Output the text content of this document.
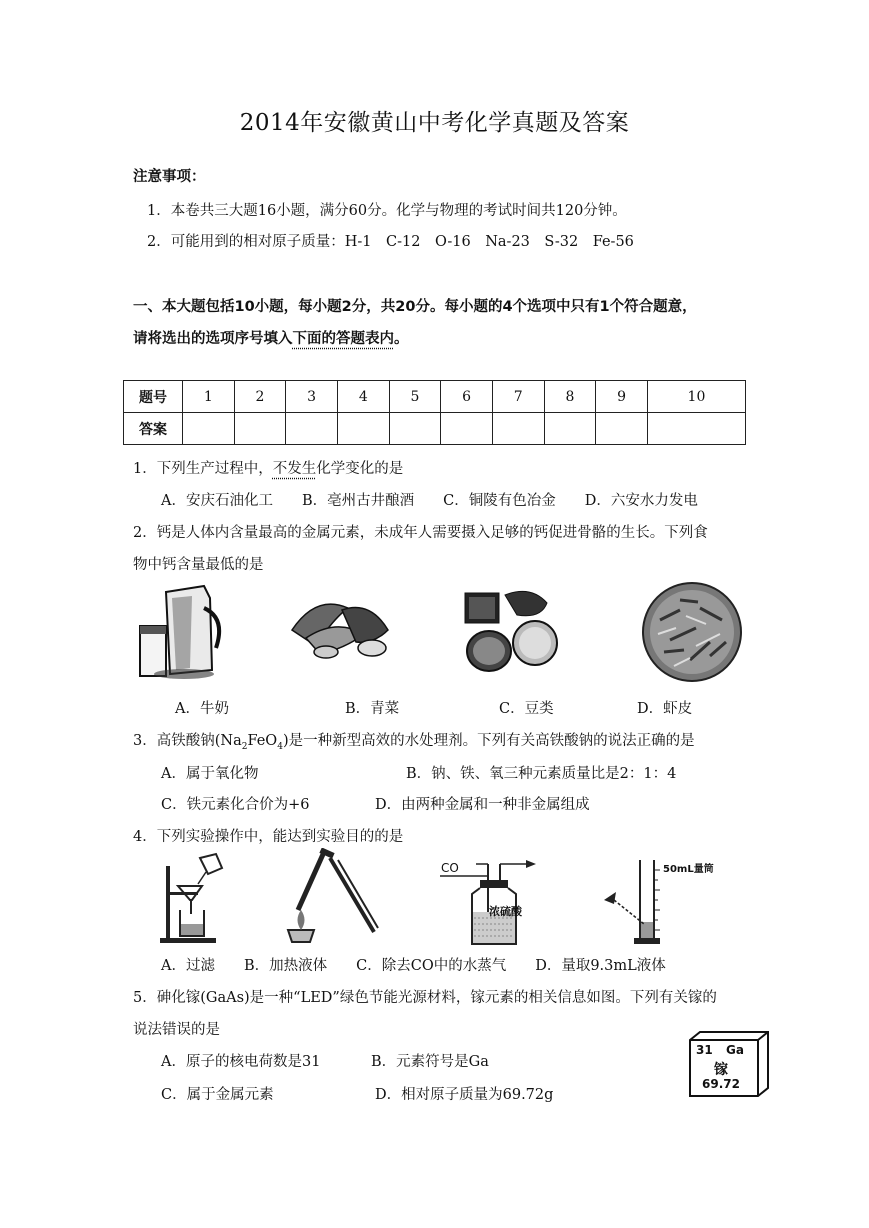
2014年安徽黄山中考化学真题及答案
注意事项：
1．本卷共三大题16小题，满分60分。化学与物理的考试时间共120分钟。
2．可能用到的相对原子质量：H-1　C-12　O-16　Na-23　S-32　Fe-56
一、本大题包括10小题，每小题2分，共20分。每小题的4个选项中只有1个符合题意，
请将选出的选项序号填入下面的答题表内。
题号	1	2	3	4	5	6	7	8	9	10
答案										
1．下列生产过程中，不发生化学变化的是
A．安庆石油化工　　B．亳州古井酿酒　　C．铜陵有色冶金　　D．六安水力发电
2．钙是人体内含量最高的金属元素，未成年人需要摄入足够的钙促进骨骼的生长。下列食
物中钙含量最低的是
A．牛奶	B．青菜	C．豆类	D．虾皮
3．高铁酸钠$(Na_2FeO_4)$是一种新型高效的水处理剂。下列有关高铁酸钠的说法正确的是
A．属于氧化物	B．钠、铁、氧三种元素质量比是2：1：4
C．铁元素化合价为+6	D．由两种金属和一种非金属组成
4．下列实验操作中，能达到实验目的的是
CO
浓硫酸
50mL量筒
A．过滤　　B．加热液体　　C．除去CO中的水蒸气　　D．量取9.3mL液体
5．砷化镓(GaAs)是一种“LED”绿色节能光源材料，镓元素的相关信息如图。下列有关镓的
说法错误的是
A．原子的核电荷数是31	B．元素符号是Ga
C．属于金属元素	D．相对原子质量为69.72g
31 Ga
镓
69.72
